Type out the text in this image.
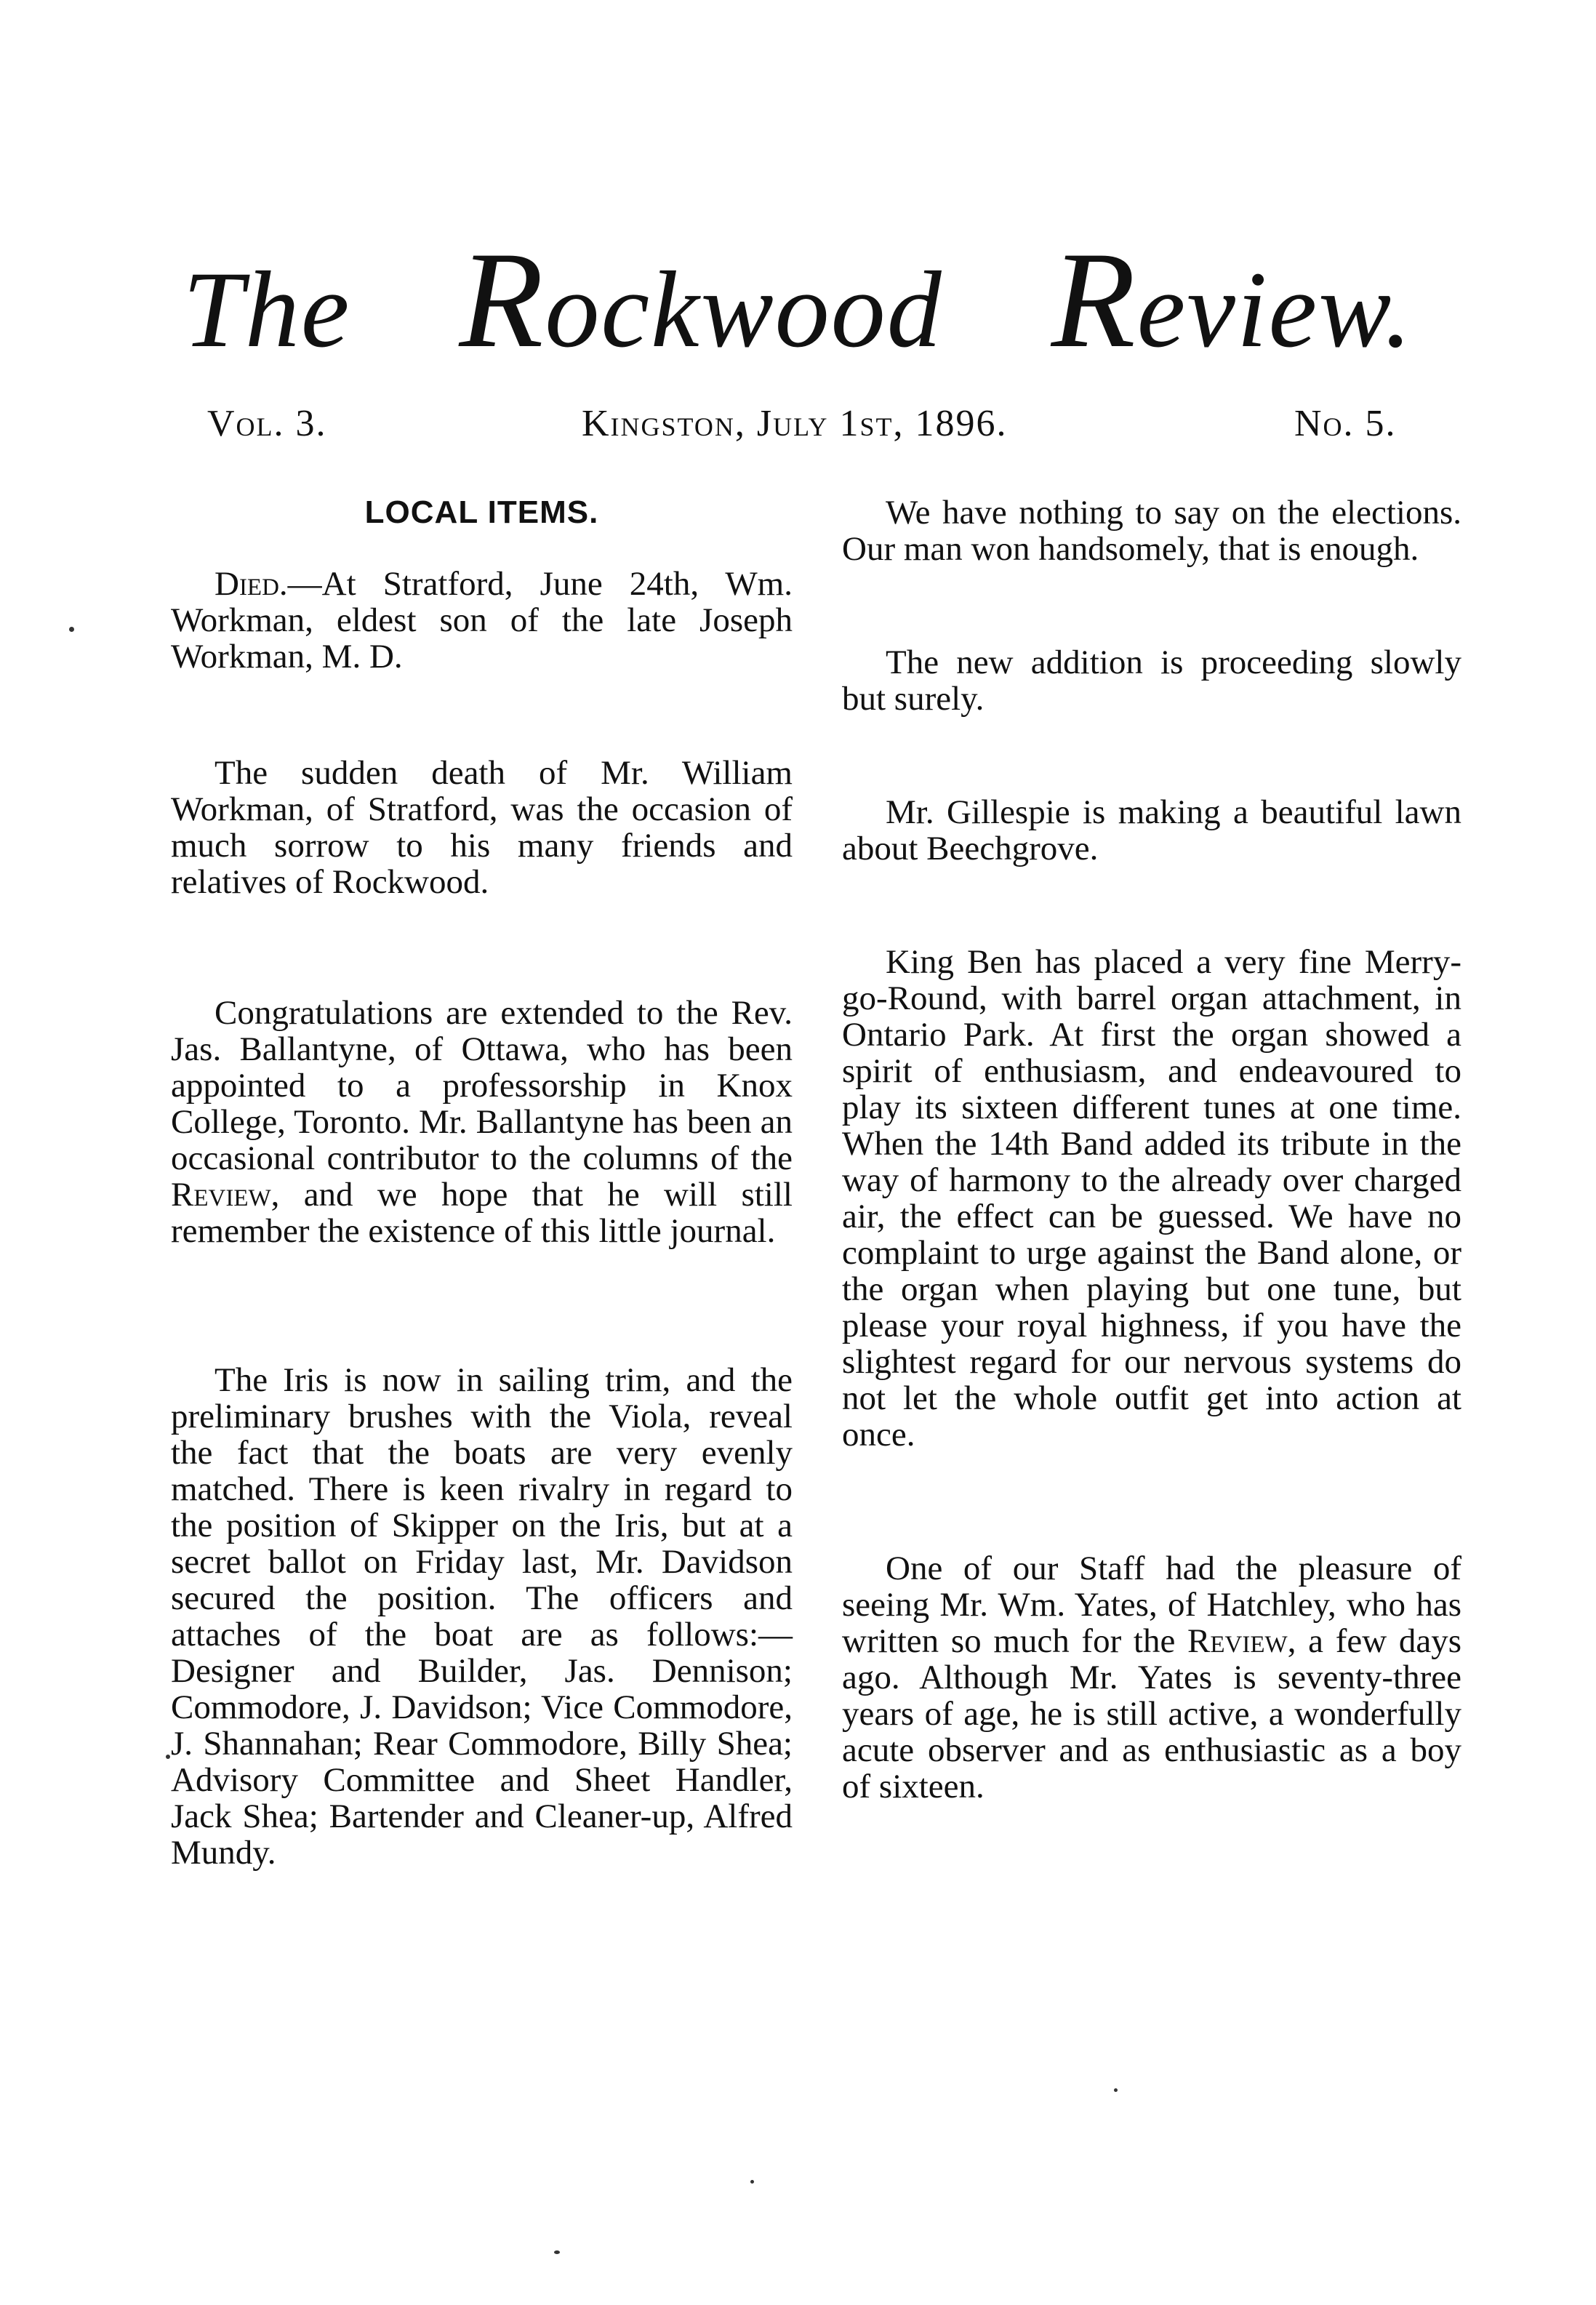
The Rockwood Review.
Vol. 3.	Kingston, July 1st, 1896.	No. 5.
LOCAL ITEMS.

Died.—At Stratford, June 24th, Wm. Workman, eldest son of the late Joseph Workman, M. D.

The sudden death of Mr. William Workman, of Stratford, was the occasion of much sorrow to his many friends and relatives of Rockwood.

Congratulations are extended to the Rev. Jas. Ballantyne, of Ottawa, who has been appointed to a professorship in Knox College, Toronto. Mr. Ballantyne has been an occasional contributor to the columns of the Review, and we hope that he will still remember the existence of this little journal.

The Iris is now in sailing trim, and the preliminary brushes with the Viola, reveal the fact that the boats are very evenly matched. There is keen rivalry in regard to the position of Skipper on the Iris, but at a secret ballot on Friday last, Mr. Davidson secured the position. The officers and attaches of the boat are as follows:—Designer and Builder, Jas. Dennison; Commodore, J. Davidson; Vice Commodore, J. Shannahan; Rear Commodore, Billy Shea; Advisory Committee and Sheet Handler, Jack Shea; Bartender and Cleaner-up, Alfred Mundy.

We have nothing to say on the elections. Our man won handsomely, that is enough.

The new addition is proceeding slowly but surely.

Mr. Gillespie is making a beautiful lawn about Beechgrove.

King Ben has placed a very fine Merry-go-Round, with barrel organ attachment, in Ontario Park. At first the organ showed a spirit of enthusiasm, and endeavoured to play its sixteen different tunes at one time. When the 14th Band added its tribute in the way of harmony to the already over charged air, the effect can be guessed. We have no complaint to urge against the Band alone, or the organ when playing but one tune, but please your royal highness, if you have the slightest regard for our nervous systems do not let the whole outfit get into action at once.

One of our Staff had the pleasure of seeing Mr. Wm. Yates, of Hatchley, who has written so much for the Review, a few days ago. Although Mr. Yates is seventy-three years of age, he is still active, a wonderfully acute observer and as enthusiastic as a boy of sixteen.
